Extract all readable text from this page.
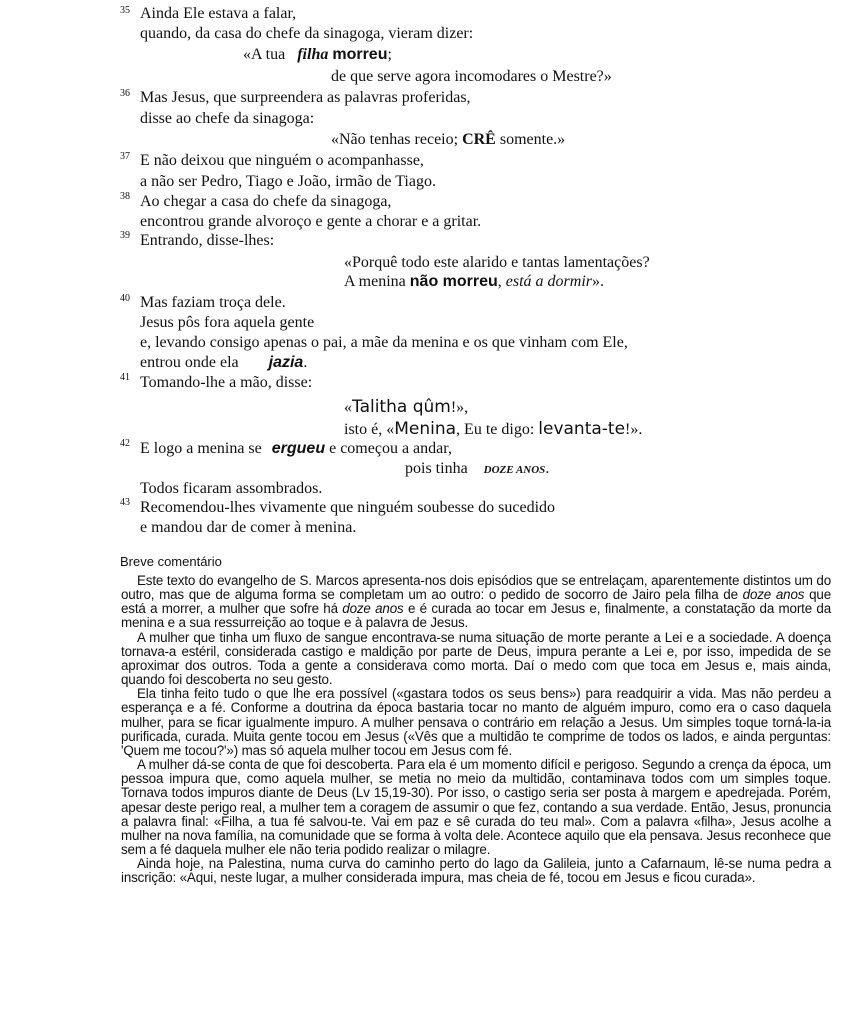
35 Ainda Ele estava a falar,
quando, da casa do chefe da sinagoga, vieram dizer:
«A tua   filha morreu;
de que serve agora incomodares o Mestre?»
36 Mas Jesus, que surpreendera as palavras proferidas,
disse ao chefe da sinagoga:
«Não tenhas receio; CRÊ somente.»
37 E não deixou que ninguém o acompanhasse,
a não ser Pedro, Tiago e João, irmão de Tiago.
38 Ao chegar a casa do chefe da sinagoga,
encontrou grande alvoroço e gente a chorar e a gritar.
39 Entrando, disse-lhes:
«Porquê todo este alarido e tantas lamentações?
A menina não morreu, está a dormir».
40 Mas faziam troça dele.
Jesus pôs fora aquela gente
e, levando consigo apenas o pai, a mãe da menina e os que vinham com Ele,
entrou onde ela jazia.
41 Tomando-lhe a mão, disse:
«Talitha qûm!»,
isto é, «Menina, Eu te digo: levanta-te!».
42 E logo a menina se ergueu e começou a andar,
pois tinha DOZE ANOS.
Todos ficaram assombrados.
43 Recomendou-lhes vivamente que ninguém soubesse do sucedido
e mandou dar de comer à menina.
Breve comentário

Este texto do evangelho de S. Marcos apresenta-nos dois episódios que se entrelaçam, aparentemente distintos um do outro, mas que de alguma forma se completam um ao outro: o pedido de socorro de Jairo pela filha de doze anos que está a morrer, a mulher que sofre há doze anos e é curada ao tocar em Jesus e, finalmente, a constatação da morte da menina e a sua ressurreição ao toque e à palavra de Jesus.

A mulher que tinha um fluxo de sangue encontrava-se numa situação de morte perante a Lei e a sociedade. A doença tornava-a estéril, considerada castigo e maldição por parte de Deus, impura perante a Lei e, por isso, impedida de se aproximar dos outros. Toda a gente a considerava como morta. Daí o medo com que toca em Jesus e, mais ainda, quando foi descoberta no seu gesto.

Ela tinha feito tudo o que lhe era possível («gastara todos os seus bens») para readquirir a vida. Mas não perdeu a esperança e a fé. Conforme a doutrina da época bastaria tocar no manto de alguém impuro, como era o caso daquela mulher, para se ficar igualmente impuro. A mulher pensava o contrário em relação a Jesus. Um simples toque torná-la-ia purificada, curada. Muita gente tocou em Jesus («Vês que a multidão te comprime de todos os lados, e ainda perguntas: 'Quem me tocou?'») mas só aquela mulher tocou em Jesus com fé.

A mulher dá-se conta de que foi descoberta. Para ela é um momento difícil e perigoso. Segundo a crença da época, um pessoa impura que, como aquela mulher, se metia no meio da multidão, contaminava todos com um simples toque. Tornava todos impuros diante de Deus (Lv 15,19-30). Por isso, o castigo seria ser posta à margem e apedrejada. Porém, apesar deste perigo real, a mulher tem a coragem de assumir o que fez, contando a sua verdade. Então, Jesus, pronuncia a palavra final: «Filha, a tua fé salvou-te. Vai em paz e sê curada do teu mal». Com a palavra «filha», Jesus acolhe a mulher na nova família, na comunidade que se forma à volta dele. Acontece aquilo que ela pensava. Jesus reconhece que sem a fé daquela mulher ele não teria podido realizar o milagre.

Ainda hoje, na Palestina, numa curva do caminho perto do lago da Galileia, junto a Cafarnaum, lê-se numa pedra a inscrição: «Aqui, neste lugar, a mulher considerada impura, mas cheia de fé, tocou em Jesus e ficou curada».
